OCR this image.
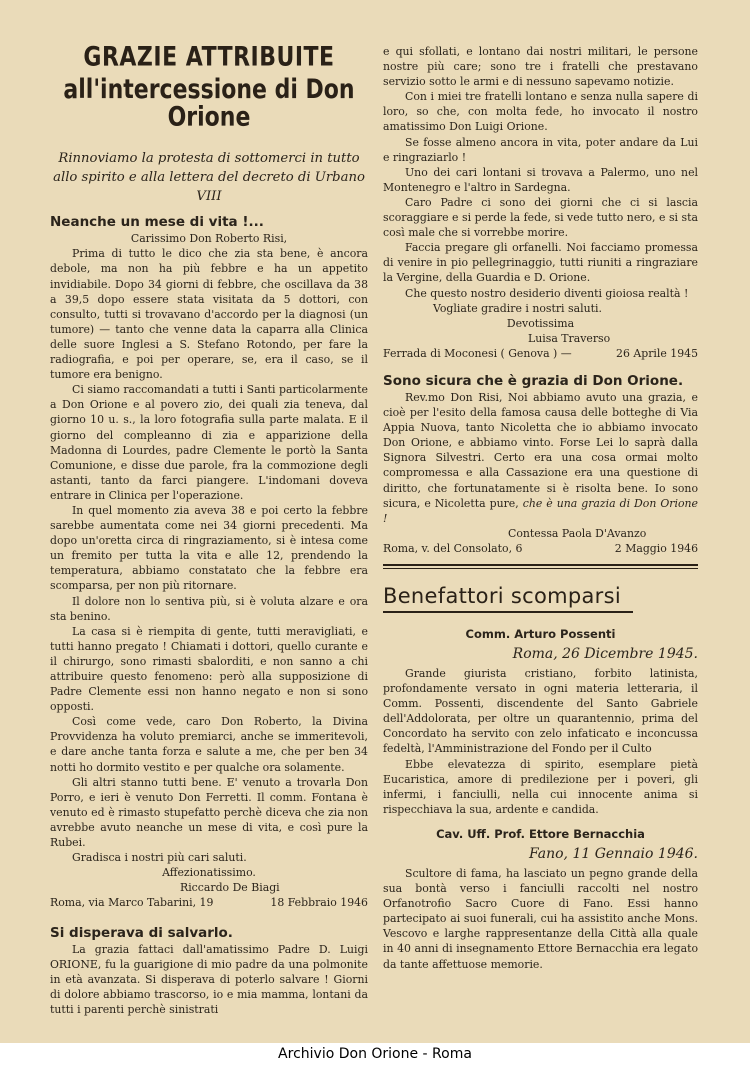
GRAZIE ATTRIBUITE
all'intercessione di Don Orione
Rinnoviamo la protesta di sottomerci in tutto allo spirito e alla lettera del decreto di Urbano VIII
Neanche un mese di vita !...

Carissimo Don Roberto Risi,

Prima di tutto le dico che zia sta bene, è ancora debole, ma non ha più febbre e ha un appetito invidiabile. Dopo 34 giorni di febbre, che oscillava da 38 a 39,5 dopo essere stata visitata da 5 dottori, con consulto, tutti si trovavano d'accordo per la diagnosi (un tumore) — tanto che venne data la caparra alla Clinica delle suore Inglesi a S. Stefano Rotondo, per fare la radiografia, e poi per operare, se, era il caso, se il tumore era benigno.

Ci siamo raccomandati a tutti i Santi particolarmente a Don Orione e al povero zio, dei quali zia teneva, dal giorno 10 u. s., la loro fotografia sulla parte malata. E il giorno del compleanno di zia e apparizione della Madonna di Lourdes, padre Clemente le portò la Santa Comunione, e disse due parole, fra la commozione degli astanti, tanto da farci piangere. L'indomani doveva entrare in Clinica per l'operazione.

In quel momento zia aveva 38 e poi certo la febbre sarebbe aumentata come nei 34 giorni precedenti. Ma dopo un'oretta circa di ringraziamento, si è intesa come un fremito per tutta la vita e alle 12, prendendo la temperatura, abbiamo constatato che la febbre era scomparsa, per non più ritornare.

Il dolore non lo sentiva più, si è voluta alzare e ora sta benino.

La casa si è riempita di gente, tutti meravigliati, e tutti hanno pregato ! Chiamati i dottori, quello curante e il chirurgo, sono rimasti sbalorditi, e non sanno a chi attribuire questo fenomeno: però alla supposizione di Padre Clemente essi non hanno negato e non si sono opposti.

Così come vede, caro Don Roberto, la Divina Provvidenza ha voluto premiarci, anche se immeritevoli, e dare anche tanta forza e salute a me, che per ben 34 notti ho dormito vestito e per qualche ora solamente.

Gli altri stanno tutti bene. E' venuto a trovarla Don Porro, e ieri è venuto Don Ferretti. Il comm. Fontana è venuto ed è rimasto stupefatto perchè diceva che zia non avrebbe avuto neanche un mese di vita, e così pure la Rubei.

Gradisca i nostri più cari saluti.

Affezionatissimo.

Riccardo De Biagi

Roma, via Marco Tabarini, 19	18 Febbraio 1946
Si disperava di salvarlo.

La grazia fattaci dall'amatissimo Padre D. Luigi ORIONE, fu la guarigione di mio padre da una polmonite in età avanzata. Si disperava di poterlo salvare ! Giorni di dolore abbiamo trascorso, io e mia mamma, lontani da tutti i parenti perchè sinistrati

e qui sfollati, e lontano dai nostri militari, le persone nostre più care; sono tre i fratelli che prestavano servizio sotto le armi e di nessuno sapevamo notizie.

Con i miei tre fratelli lontano e senza nulla sapere di loro, so che, con molta fede, ho invocato il nostro amatissimo Don Luigi Orione.

Se fosse almeno ancora in vita, poter andare da Lui e ringraziarlo !

Uno dei cari lontani si trovava a Palermo, uno nel Montenegro e l'altro in Sardegna.

Caro Padre ci sono dei giorni che ci si lascia scoraggiare e si perde la fede, si vede tutto nero, e si sta così male che si vorrebbe morire.

Faccia pregare gli orfanelli. Noi facciamo promessa di venire in pio pellegrinaggio, tutti riuniti a ringraziare la Vergine, della Guardia e D. Orione.

Che questo nostro desiderio diventi gioiosa realtà !

Vogliate gradire i nostri saluti.

Devotissima

Luisa Traverso

Ferrada di Moconesi ( Genova ) —	26 Aprile 1945
Sono sicura che è grazia di Don Orione.

Rev.mo Don Risi, Noi abbiamo avuto una grazia, e cioè per l'esito della famosa causa delle botteghe di Via Appia Nuova, tanto Nicoletta che io abbiamo invocato Don Orione, e abbiamo vinto. Forse Lei lo saprà dalla Signora Silvestri. Certo era una cosa ormai molto compromessa e alla Cassazione era una questione di diritto, che fortunatamente si è risolta bene. Io sono sicura, e Nicoletta pure, che è una grazia di Don Orione !

Contessa Paola D'Avanzo

Roma, v. del Consolato, 6	2 Maggio 1946
Benefattori scomparsi
Comm. Arturo Possenti
Roma, 26 Dicembre 1945.

Grande giurista cristiano, forbito latinista, profondamente versato in ogni materia letteraria, il Comm. Possenti, discendente del Santo Gabriele dell'Addolorata, per oltre un quarantennio, prima del Concordato ha servito con zelo infaticato e inconcussa fedeltà, l'Amministrazione del Fondo per il Culto

Ebbe elevatezza di spirito, esemplare pietà Eucaristica, amore di predilezione per i poveri, gli infermi, i fanciulli, nella cui innocente anima si rispecchiava la sua, ardente e candida.

Cav. Uff. Prof. Ettore Bernacchia
Fano, 11 Gennaio 1946.

Scultore di fama, ha lasciato un pegno grande della sua bontà verso i fanciulli raccolti nel nostro Orfanotrofio Sacro Cuore di Fano. Essi hanno partecipato ai suoi funerali, cui ha assistito anche Mons. Vescovo e larghe rappresentanze della Città alla quale in 40 anni di insegnamento Ettore Bernacchia era legato da tante affettuose memorie.

Archivio Don Orione - Roma
